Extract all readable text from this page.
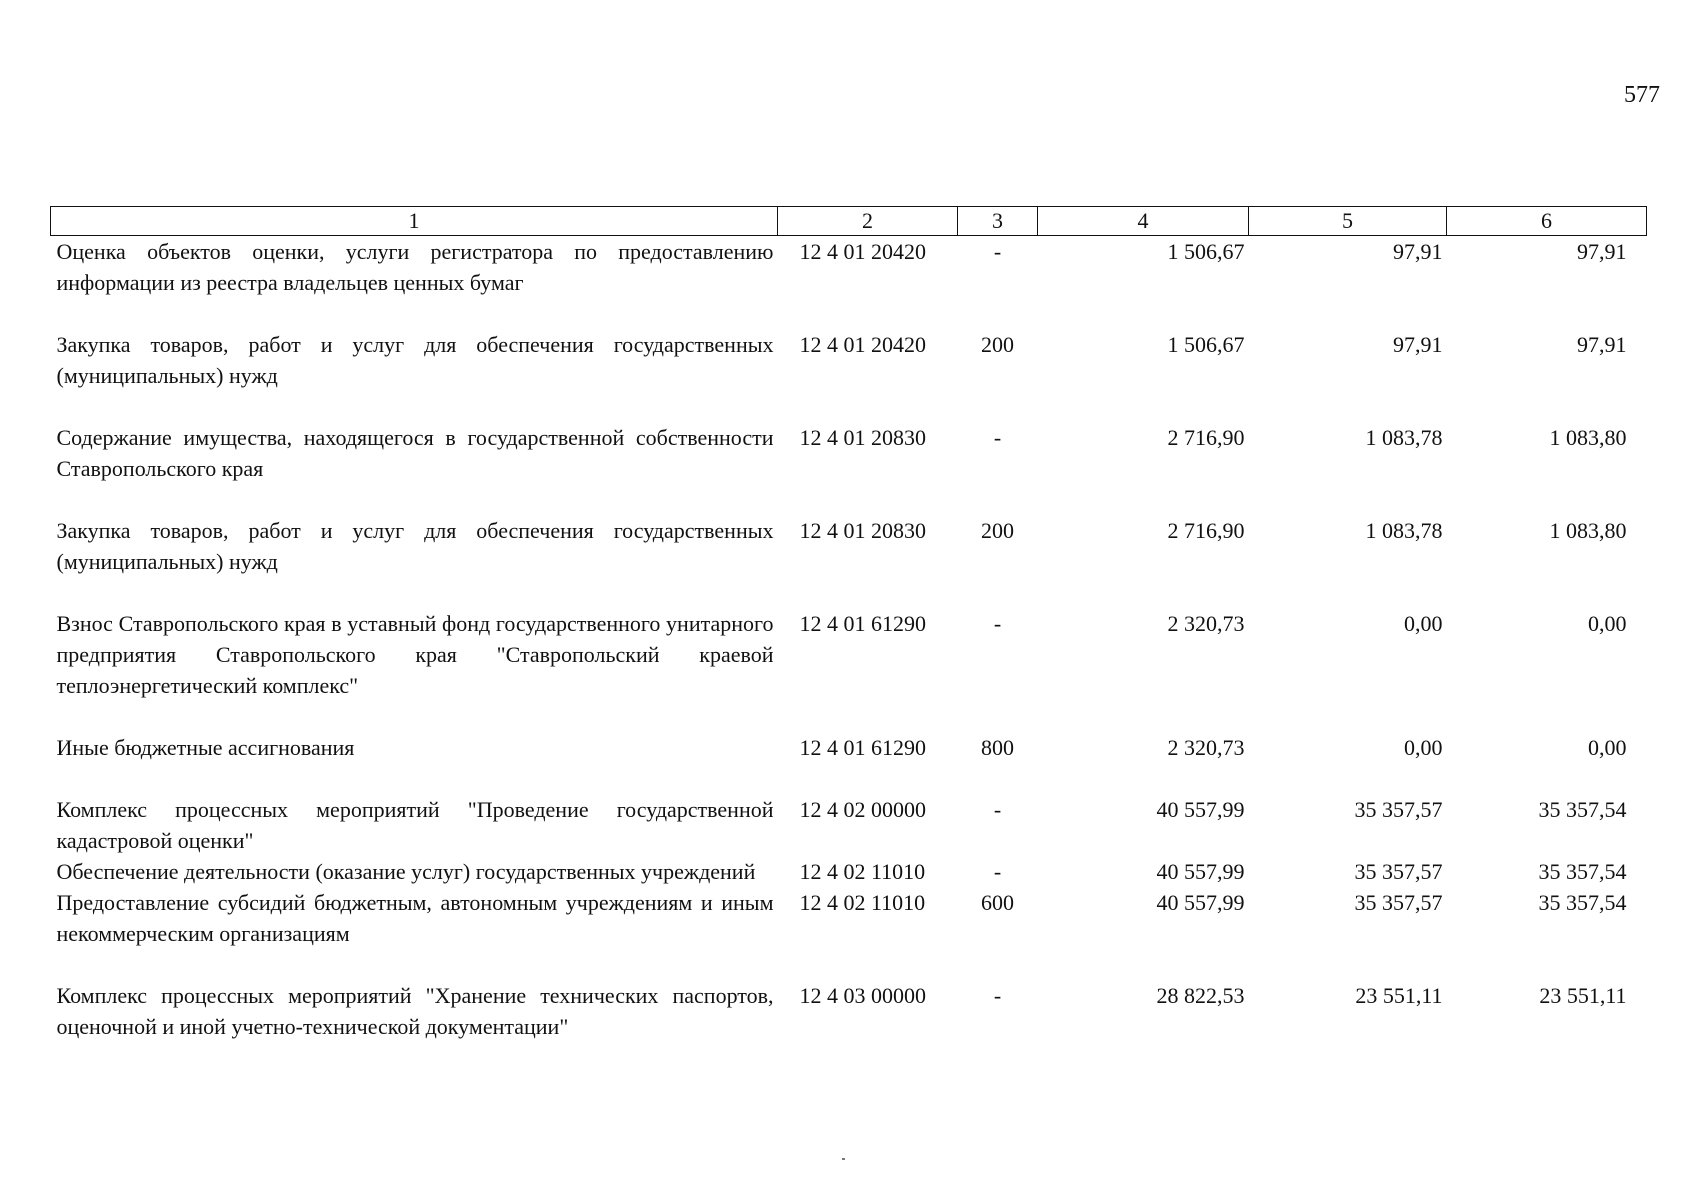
577
1	2	3	4	5	6
Оценка объектов оценки, услуги регистратора по предоставлению информации из реестра владельцев ценных бумаг	12 4 01 20420	-	1 506,67	97,91	97,91
Закупка товаров, работ и услуг для обеспечения государственных (муниципальных) нужд	12 4 01 20420	200	1 506,67	97,91	97,91
Содержание имущества, находящегося в государственной собственности Ставропольского края	12 4 01 20830	-	2 716,90	1 083,78	1 083,80
Закупка товаров, работ и услуг для обеспечения государственных (муниципальных) нужд	12 4 01 20830	200	2 716,90	1 083,78	1 083,80
Взнос Ставропольского края в уставный фонд государственного унитарного предприятия Ставропольского края "Ставропольский краевой теплоэнергетический комплекс"	12 4 01 61290	-	2 320,73	0,00	0,00
Иные бюджетные ассигнования	12 4 01 61290	800	2 320,73	0,00	0,00
Комплекс процессных мероприятий "Проведение государственной кадастровой оценки"	12 4 02 00000	-	40 557,99	35 357,57	35 357,54
Обеспечение деятельности (оказание услуг) государственных учреждений	12 4 02 11010	-	40 557,99	35 357,57	35 357,54
Предоставление субсидий бюджетным, автономным учреждениям и иным некоммерческим организациям	12 4 02 11010	600	40 557,99	35 357,57	35 357,54
Комплекс процессных мероприятий "Хранение технических паспортов, оценочной и иной учетно-технической документации"	12 4 03 00000	-	28 822,53	23 551,11	23 551,11
